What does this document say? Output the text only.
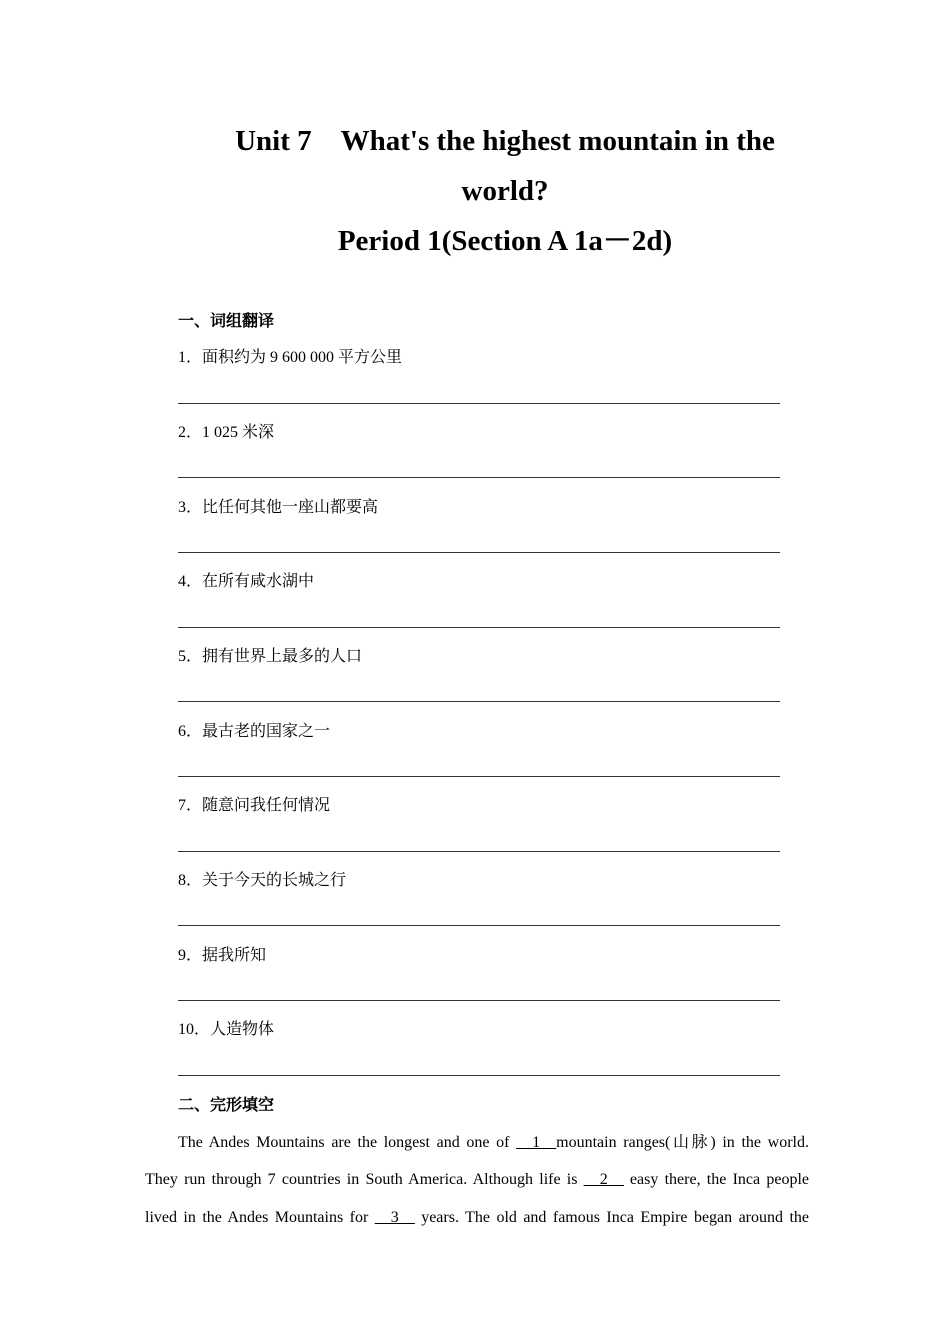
Unit 7　What's the highest mountain in the
world?
Period 1(Section A 1a－2d)
一、词组翻译
1．面积约为 9 600 000 平方公里
2．1 025 米深
3．比任何其他一座山都要高
4．在所有咸水湖中
5．拥有世界上最多的人口
6．最古老的国家之一
7．随意问我任何情况
8．关于今天的长城之行
9．据我所知
10．人造物体
二、完形填空
The Andes Mountains are the longest and one of __1__mountain ranges(山脉) in the world.
They run through 7 countries in South America. Although life is __2__ easy there, the Inca people
lived in the Andes Mountains for __3__ years. The old and famous Inca Empire began around the
